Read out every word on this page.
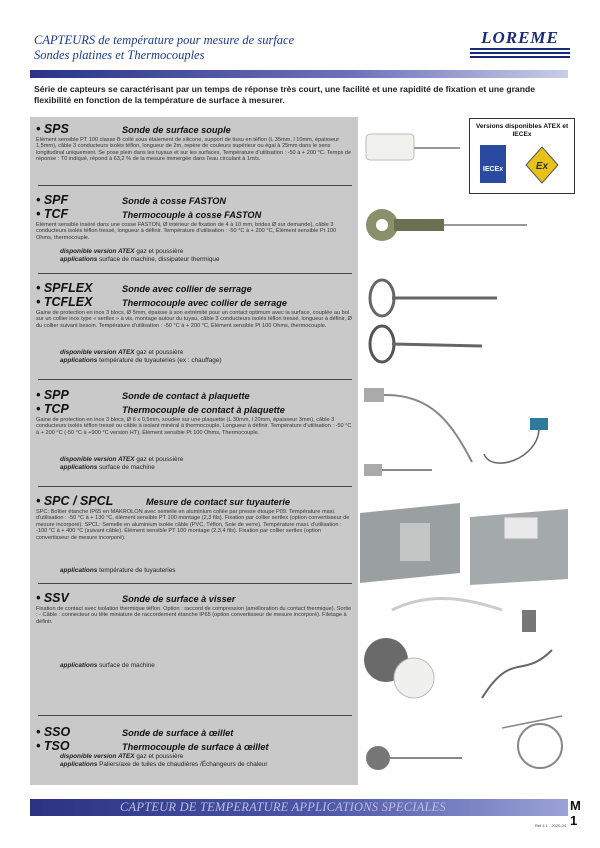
CAPTEURS de température pour mesure de surface
Sondes platines et Thermocouples
LOREME
Série de capteurs se caractérisant par un temps de réponse très court, une facilité et une rapidité de fixation et une grande flexibilité en fonction de la température de surface à mesurer.
• SPS	Sonde de surface souple
Élément sensible PT 100 classe B collé sous étalement de silicone, support de tissu en téflon (L 35mm, l 10mm, épaisseur 1,5mm), câble 3 conducteurs isolés téflon, longueur de 2m, repère de couleurs supérieur ou égal à 25mm dans le sens longitudinal uniquement. Se pose plein dans les tuyaux et sur les surfaces, Température d'utilisation : -50 à + 200 °C. Temps de réponse : T0 indiqué, répond à 63,2 % de la mesure immergée dans l'eau circulant à 1m/s.
• SPF	Sonde à cosse FASTON
• TCF	Thermocouple à cosse FASTON
Élément sensible inséré dans une cosse FASTON, Ø intérieur de fixation de 4 à 10 mm, brides Ø sur demande), câble 3 conducteurs isolés téflon tressé, longueur à définir. Température d'utilisation : -50 °C à + 200 °C, Élément sensible Pt 100 Ohms, thermocouple.
disponible version ATEX gaz et poussière
applications surface de machine, dissipateur thermique
• SPFLEX	Sonde avec collier de serrage
• TCFLEX	Thermocouple avec collier de serrage
Gaine de protection en inox 3 blocs, Ø 5mm, épaisse à son extrémité pour un contact optimum avec la surface, couplée au bol sur un collier inox type « sertlex » à vis, montage autour du tuyau, câble 3 conducteurs isolés téflon tressé, longueur à définir, Ø du collier suivant besoin. Température d'utilisation : -50 °C à + 200 °C, Élément sensible Pt 100 Ohms, thermocouple.
disponible version ATEX gaz et poussière
applications température de tuyauteries (ex : chauffage)
• SPP	Sonde de contact à plaquette
• TCP	Thermocouple de contact à plaquette
Gaine de protection en inox 3 blocs, Ø 6 x 0,5mm, soudée sur une plaquette (L 30mm, l 20mm, épaisseur 3mm), câble 3 conducteurs isolés téflon tressé ou câble à isolant minéral à thermocouple, Longueur à définir. Température d'utilisation : -50 °C à + 200 °C (-50 °C à +900 °C version HT), Élément sensible Pt 100 Ohms, Thermocouple.
disponible version ATEX gaz et poussière
applications surface de machine
• SPC / SPCL	Mesure de contact sur tuyauterie
SPC: Boîtier étanche IP65 en MAKROLON avec semelle en aluminium collée par presse étoupe P09. Température maxi. d'utilisation : -50 °C à + 130 °C, élément sensible PT 100 montage (2,3 fils). Fixation par collier sertlex (option convertisseur de mesure incorporé). SPCL: Semelle en aluminium isolée câble (PVC, Téflon, Soie de verre). Température maxi. d'utilisation : -100 °C à + 400 °C (suivant câble). Élément sensible PT 100 montage (2,3,4 fils). Fixation par collier sertlex (option convertisseur de mesure incorporé).
applications température de tuyauteries
• SSV	Sonde de surface à visser
Fixation de contact avec isolation thermique téflon. Option : raccord de compression (amélioration du contact thermique). Sortie : - Câble : connecteur ou tête miniature de raccordement étanche IP65 (option convertisseur de mesure incorporé). Filetage à définir.
applications surface de machine
• SSO	Sonde de surface à œillet
• TSO	Thermocouple de surface à œillet
disponible version ATEX gaz et poussière
applications Paliers/axe de tuiles de chaudières /Échangeurs de chaleur
Versions disponibles ATEX et IECEx
IECEx	Ex
CAPTEUR DE TEMPERATURE APPLICATIONS SPECIALES	M 1
Réf 4.1 - 2020-04
